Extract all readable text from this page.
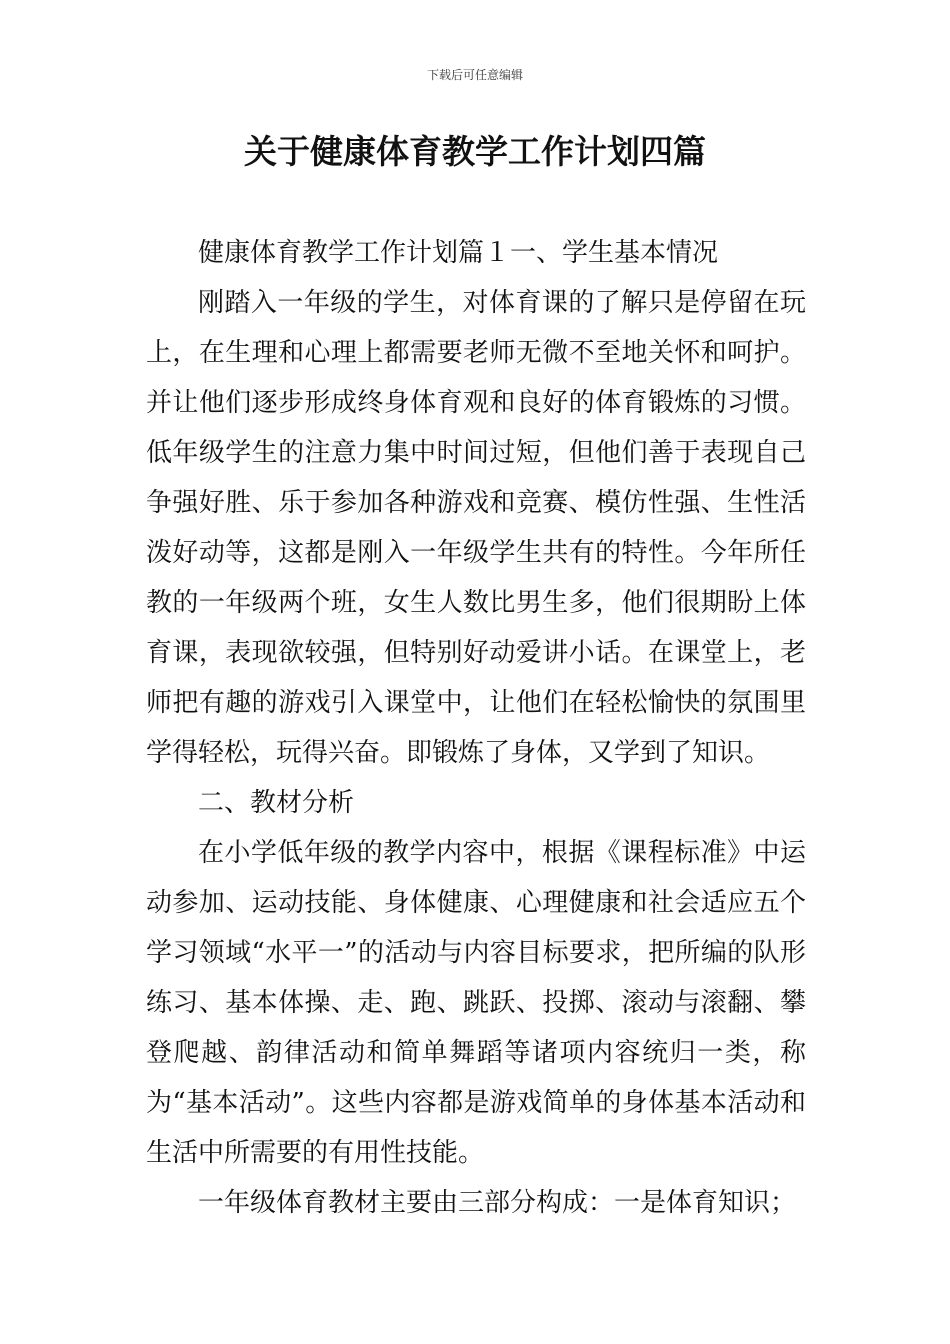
下载后可任意编辑
关于健康体育教学工作计划四篇

健康体育教学工作计划篇１一、学生基本情况

刚踏入一年级的学生，对体育课的了解只是停留在玩上，在生理和心理上都需要老师无微不至地关怀和呵护。并让他们逐步形成终身体育观和良好的体育锻炼的习惯。低年级学生的注意力集中时间过短，但他们善于表现自己争强好胜、乐于参加各种游戏和竞赛、模仿性强、生性活泼好动等，这都是刚入一年级学生共有的特性。今年所任教的一年级两个班，女生人数比男生多，他们很期盼上体育课，表现欲较强，但特别好动爱讲小话。在课堂上，老师把有趣的游戏引入课堂中，让他们在轻松愉快的氛围里学得轻松，玩得兴奋。即锻炼了身体，又学到了知识。

二、教材分析

在小学低年级的教学内容中，根据《课程标准》中运动参加、运动技能、身体健康、心理健康和社会适应五个学习领域“水平一”的活动与内容目标要求，把所编的队形练习、基本体操、走、跑、跳跃、投掷、滚动与滚翻、攀登爬越、韵律活动和简单舞蹈等诸项内容统归一类，称为“基本活动”。这些内容都是游戏简单的身体基本活动和生活中所需要的有用性技能。

一年级体育教材主要由三部分构成：一是体育知识；
